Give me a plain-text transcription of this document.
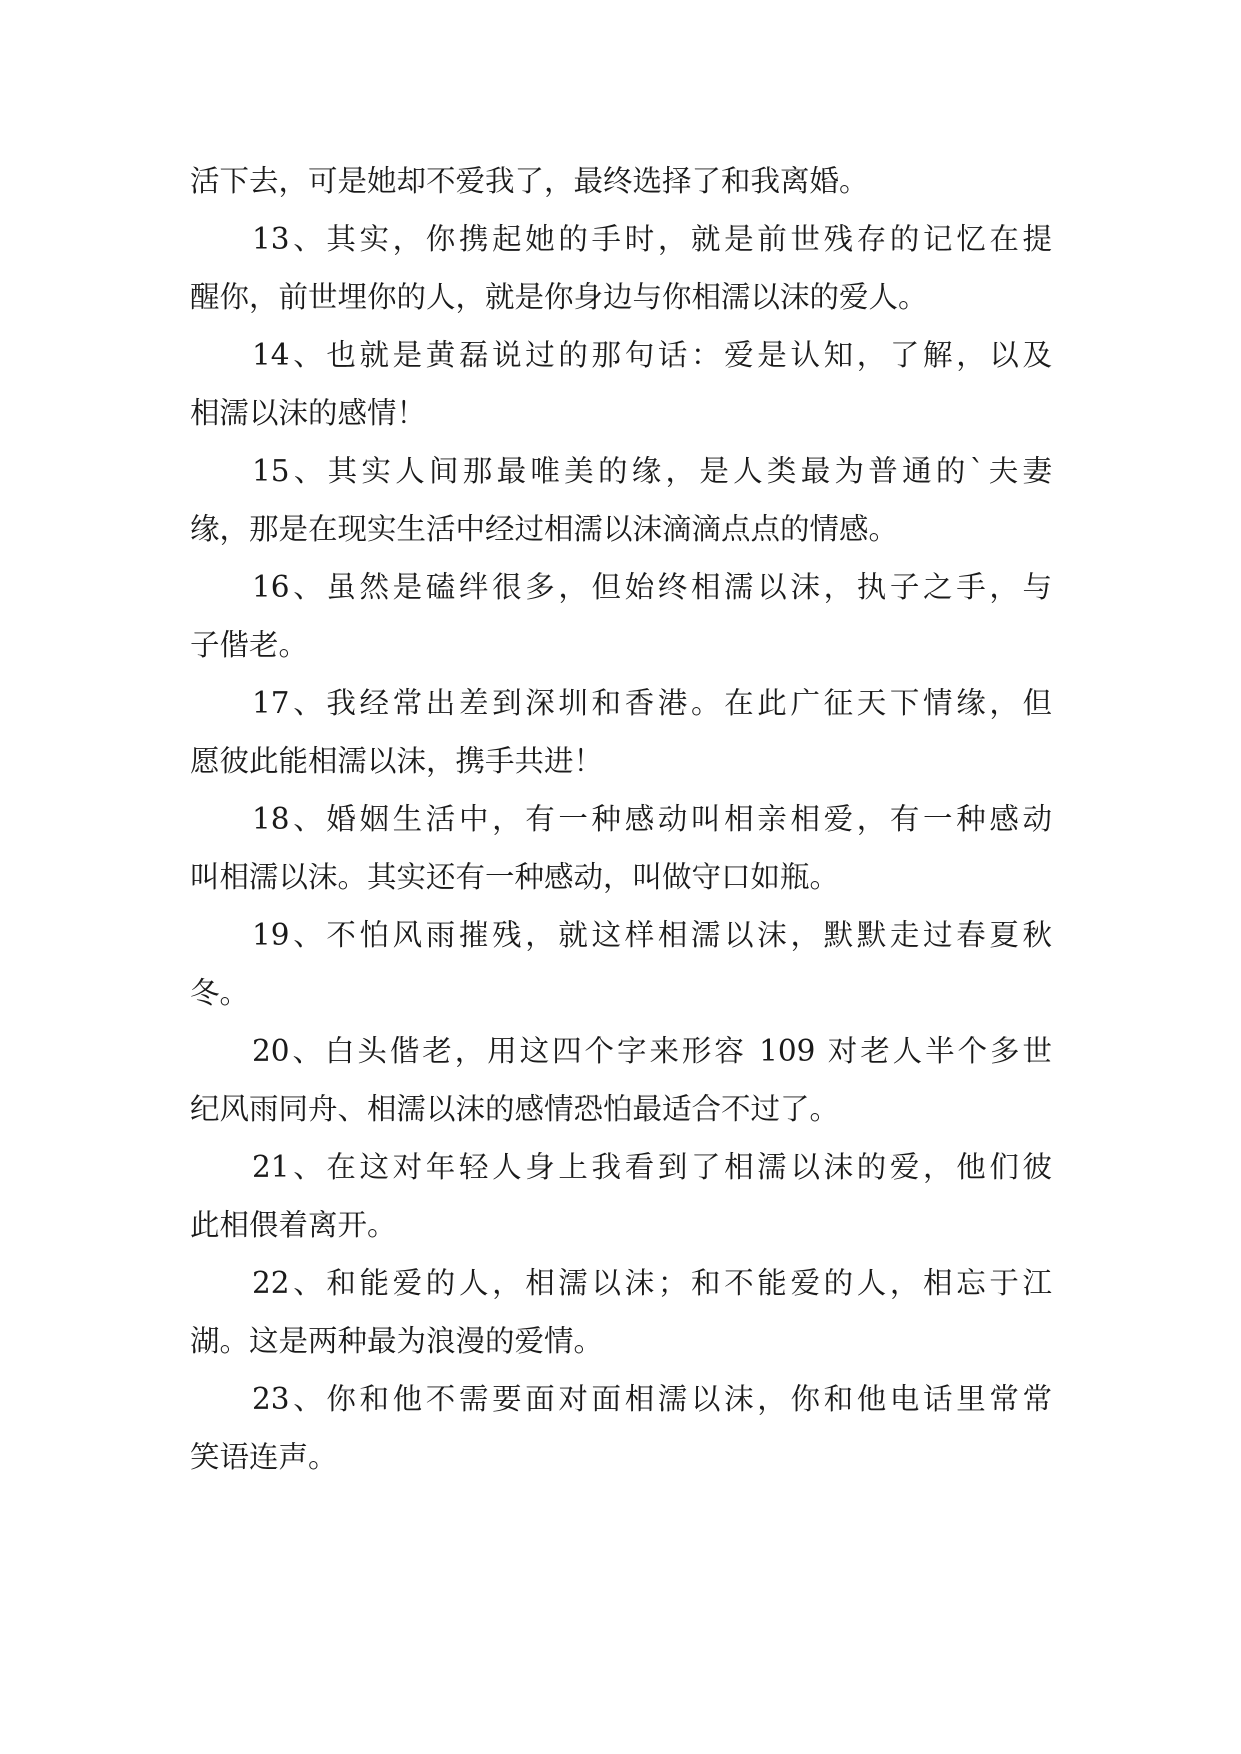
活下去，可是她却不爱我了，最终选择了和我离婚。
13、其实，你携起她的手时，就是前世残存的记忆在提
醒你，前世埋你的人，就是你身边与你相濡以沫的爱人。
14、也就是黄磊说过的那句话：爱是认知，了解，以及
相濡以沫的感情！
15、其实人间那最唯美的缘，是人类最为普通的`夫妻
缘，那是在现实生活中经过相濡以沫滴滴点点的情感。
16、虽然是磕绊很多，但始终相濡以沫，执子之手，与
子偕老。
17、我经常出差到深圳和香港。在此广征天下情缘，但
愿彼此能相濡以沫，携手共进！
18、婚姻生活中，有一种感动叫相亲相爱，有一种感动
叫相濡以沫。其实还有一种感动，叫做守口如瓶。
19、不怕风雨摧残，就这样相濡以沫，默默走过春夏秋
冬。
20、白头偕老，用这四个字来形容 109 对老人半个多世
纪风雨同舟、相濡以沫的感情恐怕最适合不过了。
21、在这对年轻人身上我看到了相濡以沫的爱，他们彼
此相偎着离开。
22、和能爱的人，相濡以沫；和不能爱的人，相忘于江
湖。这是两种最为浪漫的爱情。
23、你和他不需要面对面相濡以沫，你和他电话里常常
笑语连声。
